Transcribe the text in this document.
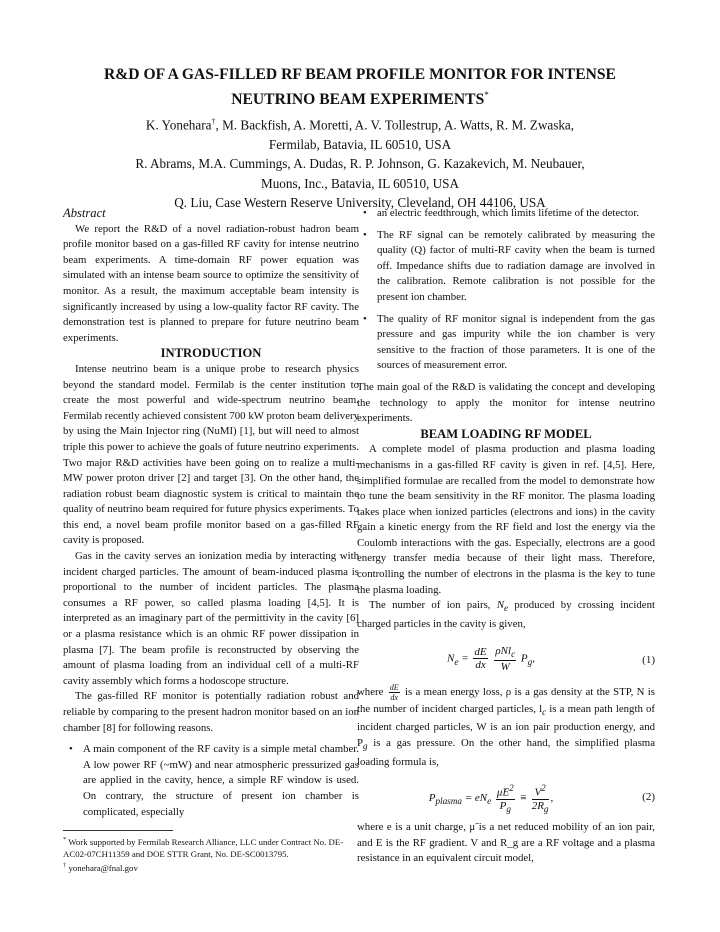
R&D OF A GAS-FILLED RF BEAM PROFILE MONITOR FOR INTENSE
NEUTRINO BEAM EXPERIMENTS*

K. Yonehara†, M. Backfish, A. Moretti, A. V. Tollestrup, A. Watts, R. M. Zwaska,

Fermilab, Batavia, IL 60510, USA

R. Abrams, M.A. Cummings, A. Dudas, R. P. Johnson, G. Kazakevich, M. Neubauer,

Muons, Inc., Batavia, IL 60510, USA

Q. Liu, Case Western Reserve University, Cleveland, OH 44106, USA

Abstract

We report the R&D of a novel radiation-robust hadron beam profile monitor based on a gas-filled RF cavity for intense neutrino beam experiments. A time-domain RF power equation was simulated with an intense beam source to optimize the sensitivity of monitor. As a result, the maximum acceptable beam intensity is significantly increased by using a low-quality factor RF cavity. The demonstration test is planned to prepare for future neutrino beam experiments.

INTRODUCTION

Intense neutrino beam is a unique probe to research physics beyond the standard model. Fermilab is the center institution to create the most powerful and wide-spectrum neutrino beam. Fermilab recently achieved consistent 700 kW proton beam delivery by using the Main Injector ring (NuMI) [1], but will need to almost triple this power to achieve the goals of future neutrino experiments. Two major R&D activities have been going on to realize a multi-MW power proton driver [2] and target [3]. On the other hand, the radiation robust beam diagnostic system is critical to maintain the quality of neutrino beam required for future physics experiments. To this end, a novel beam profile monitor based on a gas-filled RF cavity is proposed.

Gas in the cavity serves an ionization media by interacting with incident charged particles. The amount of beam-induced plasma is proportional to the number of incident particles. The plasma consumes a RF power, so called plasma loading [4,5]. It is interpreted as an imaginary part of the permittivity in the cavity [6] or a plasma resistance which is an ohmic RF power dissipation in plasma [7]. The beam profile is reconstructed by observing the amount of plasma loading from an individual cell of a multi-RF cavity assembly which forms a hodoscope structure.

The gas-filled RF monitor is potentially radiation robust and reliable by comparing to the present hadron monitor based on an ion chamber [8] for following reasons.

• A main component of the RF cavity is a simple metal chamber. A low power RF (~mW) and near atmospheric pressurized gas are applied in the cavity, hence, a simple RF window is used. On contrary, the structure of present ion chamber is complicated, especially
• an electric feedthrough, which limits lifetime of the detector.
• The RF signal can be remotely calibrated by measuring the quality (Q) factor of multi-RF cavity when the beam is turned off. Impedance shifts due to radiation damage are involved in the calibration. Remote calibration is not possible for the present ion chamber.
• The quality of RF monitor signal is independent from the gas pressure and gas impurity while the ion chamber is very sensitive to the fraction of those parameters. It is one of the sources of measurement error.

The main goal of the R&D is validating the concept and developing the technology to apply the monitor for intense neutrino experiments.

BEAM LOADING RF MODEL

A complete model of plasma production and plasma loading mechanisms in a gas-filled RF cavity is given in ref. [4,5]. Here, simplified formulae are recalled from the model to demonstrate how to tune the beam sensitivity in the RF monitor. The plasma loading takes place when ionized particles (electrons and ions) in the cavity gain a kinetic energy from the RF field and lost the energy via the Coulomb interactions with the gas. Especially, electrons are a good energy transfer media because of their light mass. Therefore, controlling the number of electrons in the plasma is the key to tune the plasma loading.

The number of ion pairs, $N_e$ produced by crossing incident charged particles in the cavity is given,

$N_e = \frac{dE}{dx}$
$\frac{\rho Nl_c}{W} P_g$,	(1)

where $\frac{dE}{dx}$ is a mean energy loss, ρ is a gas density at the STP, N is the number of incident charged particles, $l_c$ is a mean path length of incident charged particles, W is an ion pair production energy, and $P_g$ is a gas pressure. On the other hand, the simplified plasma loading formula is,

$P_{plasma} = eN_e \frac{\mũE^2}{P_g} \equiv \frac{V^2}{2R_g}$ ,	(2)

where e is a unit charge, μ̃ is a net reduced mobility of an ion pair, and E is the RF gradient. V and R_g are a RF voltage and a plasma resistance in an equivalent circuit model,

* Work supported by Fermilab Research Alliance, LLC under Contract No. DE-AC02-07CH11359 and DOE STTR Grant, No. DE-SC0013795.

† yonehara@fnal.gov
